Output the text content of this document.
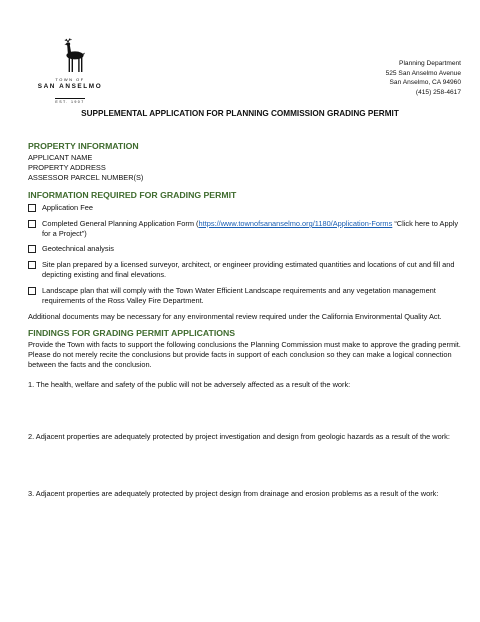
TOWN OF
SAN ANSELMO
EST. 1907
Planning Department
525 San Anselmo Avenue
San Anselmo, CA 94960
(415) 258-4617
SUPPLEMENTAL APPLICATION FOR PLANNING COMMISSION GRADING PERMIT
PROPERTY INFORMATION

APPLICANT NAME

PROPERTY ADDRESS

ASSESSOR PARCEL NUMBER(S)

INFORMATION REQUIRED FOR GRADING PERMIT
Application Fee
Completed General Planning Application Form (https://www.townofsananselmo.org/1180/Application-Forms “Click here to Apply for a Project”)
Geotechnical analysis
Site plan prepared by a licensed surveyor, architect, or engineer providing estimated quantities and locations of cut and fill and depicting existing and final elevations.
Landscape plan that will comply with the Town Water Efficient Landscape requirements and any vegetation management requirements of the Ross Valley Fire Department.

Additional documents may be necessary for any environmental review required under the California Environmental Quality Act.

FINDINGS FOR GRADING PERMIT APPLICATIONS

Provide the Town with facts to support the following conclusions the Planning Commission must make to approve the grading permit. Please do not merely recite the conclusions but provide facts in support of each conclusion so they can make a logical connection between the facts and the conclusion.

1. The health, welfare and safety of the public will not be adversely affected as a result of the work:

2. Adjacent properties are adequately protected by project investigation and design from geologic hazards as a result of the work:

3. Adjacent properties are adequately protected by project design from drainage and erosion problems as a result of the work:
